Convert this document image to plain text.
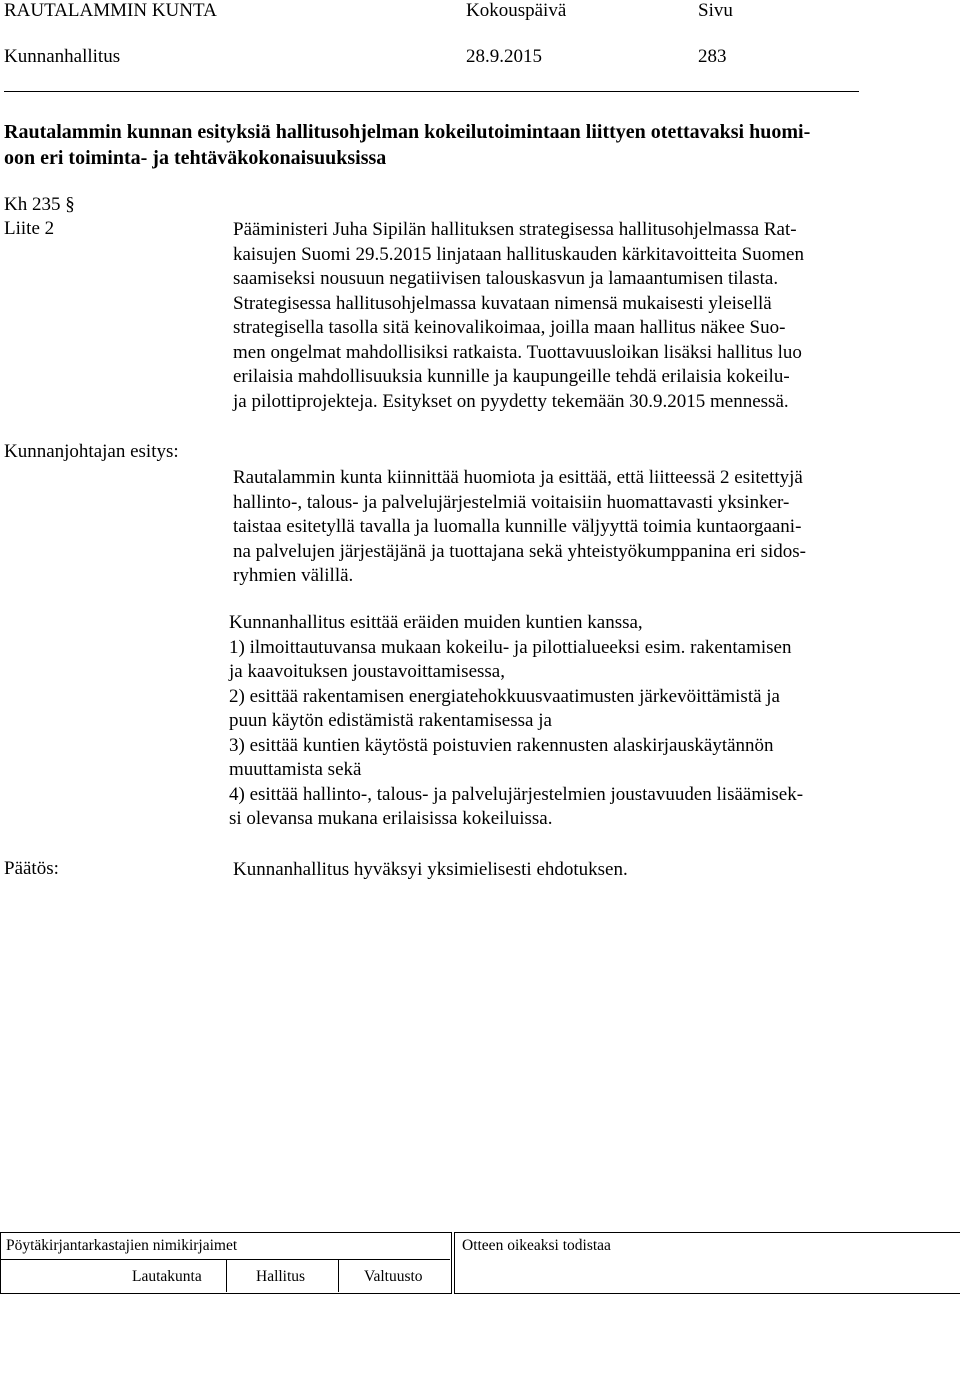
RAUTALAMMIN KUNTA	Kokouspäivä	Sivu
Kunnanhallitus	28.9.2015	283
Rautalammin kunnan esityksiä hallitusohjelman kokeilutoimintaan liittyen otettavaksi huomi-
oon eri toiminta- ja tehtäväkokonaisuuksissa
Kh 235 §
Liite 2	Pääministeri Juha Sipilän hallituksen strategisessa hallitusohjelmassa Rat-
kaisujen Suomi 29.5.2015 linjataan hallituskauden kärkitavoitteita Suomen
saamiseksi nousuun negatiivisen talouskasvun ja lamaantumisen tilasta.
Strategisessa hallitusohjelmassa kuvataan nimensä mukaisesti yleisellä
strategisella tasolla sitä keinovalikoimaa, joilla maan hallitus näkee Suo-
men ongelmat mahdollisiksi ratkaista. Tuottavuusloikan lisäksi hallitus luo
erilaisia mahdollisuuksia kunnille ja kaupungeille tehdä erilaisia kokeilu-
ja pilottiprojekteja. Esitykset on pyydetty tekemään 30.9.2015 mennessä.
Kunnanjohtajan esitys:
Rautalammin kunta kiinnittää huomiota ja esittää, että liitteessä 2 esitettyjä
hallinto-, talous- ja palvelujärjestelmiä voitaisiin huomattavasti yksinker-
taistaa esitetyllä tavalla ja luomalla kunnille väljyyttä toimia kuntaorgaani-
na palvelujen järjestäjänä ja tuottajana sekä yhteistyökumppanina eri sidos-
ryhmien välillä.
Kunnanhallitus esittää eräiden muiden kuntien kanssa,
1) ilmoittautuvansa mukaan kokeilu- ja pilottialueeksi esim. rakentamisen
ja kaavoituksen joustavoittamisessa,
2) esittää rakentamisen energiatehokkuusvaatimusten järkevöittämistä ja
puun käytön edistämistä rakentamisessa ja
3) esittää kuntien käytöstä poistuvien rakennusten alaskirjauskäytännön
muuttamista sekä
4) esittää hallinto-, talous- ja palvelujärjestelmien joustavuuden lisäämisek-
si olevansa mukana erilaisissa kokeiluissa.
Päätös:	Kunnanhallitus hyväksyi yksimielisesti ehdotuksen.
Pöytäkirjantarkastajien nimikirjaimet
Lautakunta	Hallitus	Valtuusto
Otteen oikeaksi todistaa
